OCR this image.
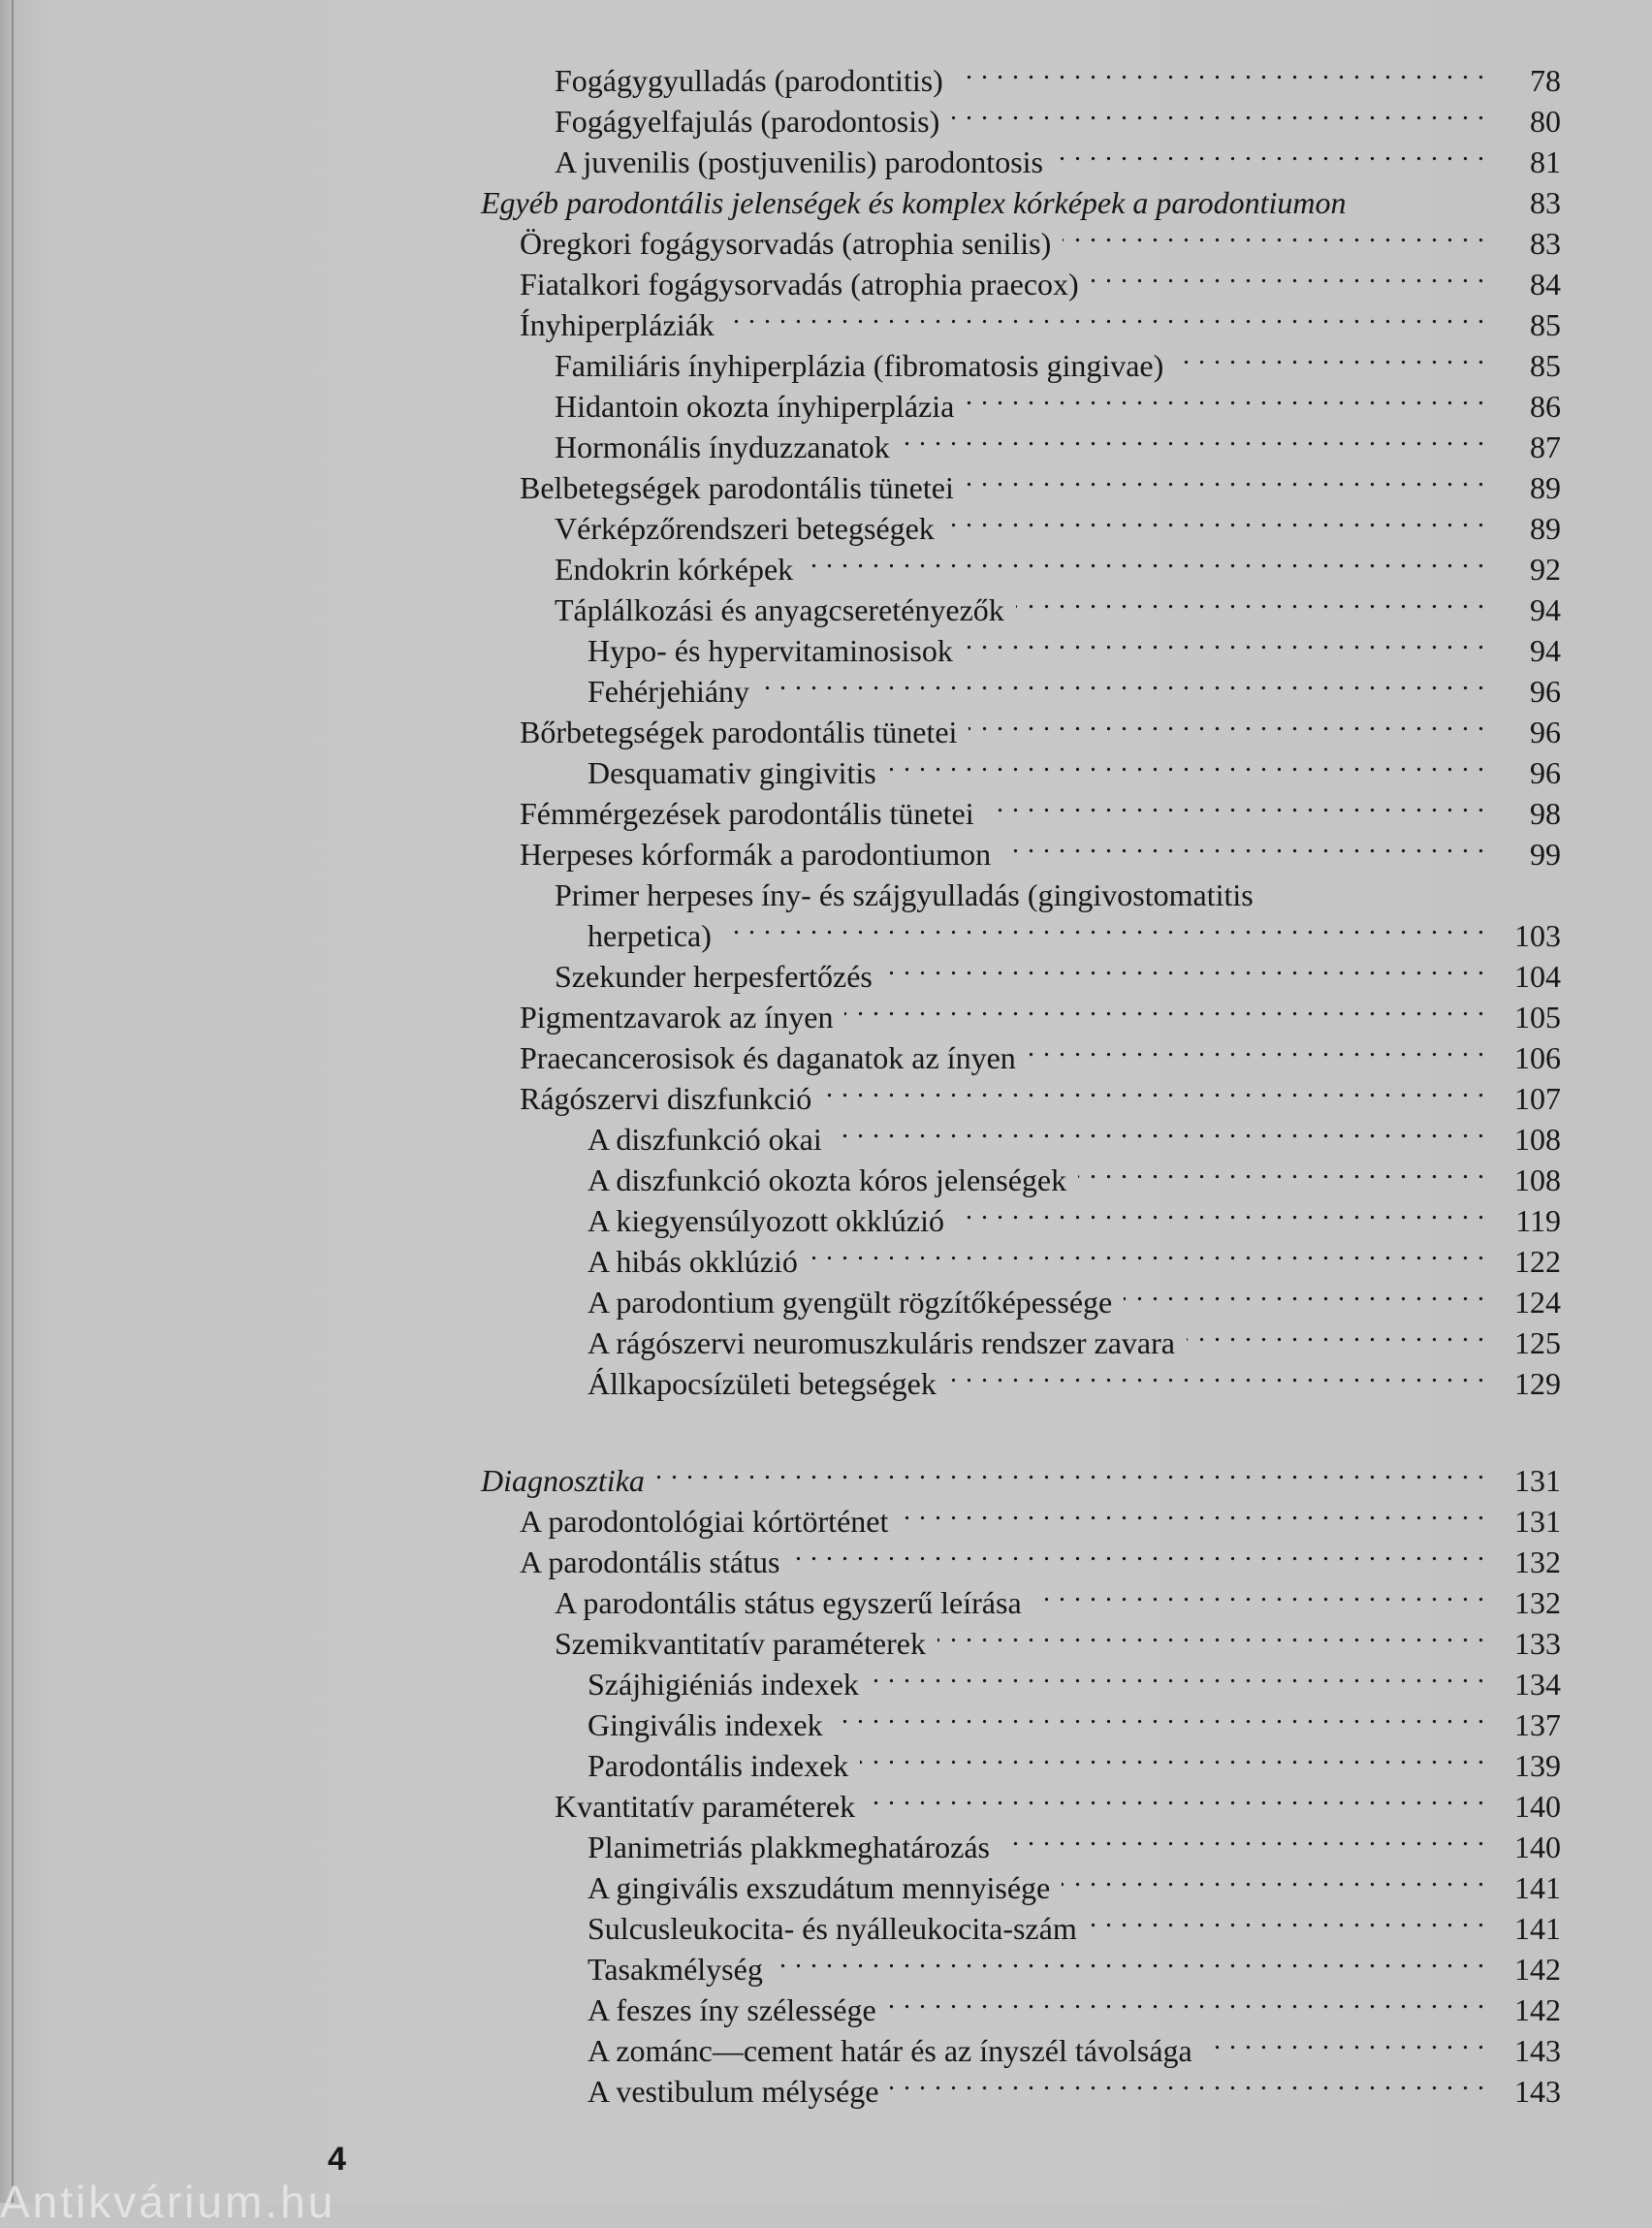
Fogágygyulladás (parodontitis) . . .	78
Fogágyelfajulás (parodontosis) . . .	80
A juvenilis (postjuvenilis) parodontosis . . .	81
Egyéb parodontális jelenségek és komplex kórképek a parodontiumon	83
Öregkori fogágysorvadás (atrophia senilis) . . .	83
Fiatalkori fogágysorvadás (atrophia praecox) . . .	84
Ínyhiperpláziák . . .	85
Familiáris ínyhiperplázia (fibromatosis gingivae) . . .	85
Hidantoin okozta ínyhiperplázia . . .	86
Hormonális ínyduzzanatok . . .	87
Belbetegségek parodontális tünetei . . .	89
Vérképzőrendszeri betegségek . . .	89
Endokrin kórképek . . .	92
Táplálkozási és anyagcseretényezők . . .	94
Hypo- és hypervitaminosisok . . .	94
Fehérjehiány . . .	96
Bőrbetegségek parodontális tünetei . . .	96
Desquamativ gingivitis . . .	96
Fémmérgezések parodontális tünetei . . .	98
Herpeses kórformák a parodontiumon . . .	99
Primer herpeses íny- és szájgyulladás (gingivostomatitis
herpetica) . . .	103
Szekunder herpesfertőzés . . .	104
Pigmentzavarok az ínyen . . .	105
Praecancerosisok és daganatok az ínyen . . .	106
Rágószervi diszfunkció . . .	107
A diszfunkció okai . . .	108
A diszfunkció okozta kóros jelenségek . . .	108
A kiegyensúlyozott okklúzió . . .	119
A hibás okklúzió . . .	122
A parodontium gyengült rögzítőképessége . . .	124
A rágószervi neuromuszkuláris rendszer zavara . . .	125
Állkapocsízületi betegségek . . .	129
Diagnosztika . . .	131
A parodontológiai kórtörténet . . .	131
A parodontális státus . . .	132
A parodontális státus egyszerű leírása . . .	132
Szemikvantitatív paraméterek . . .	133
Szájhigiéniás indexek . . .	134
Gingivális indexek . . .	137
Parodontális indexek . . .	139
Kvantitatív paraméterek . . .	140
Planimetriás plakkmeghatározás . . .	140
A gingivális exszudátum mennyisége . . .	141
Sulcusleukocita- és nyálleukocita-szám . . .	141
Tasakmélység . . .	142
A feszes íny szélessége . . .	142
A zománc—cement határ és az ínyszél távolsága . . .	143
A vestibulum mélysége . . .	143
4
Antikvárium.hu
